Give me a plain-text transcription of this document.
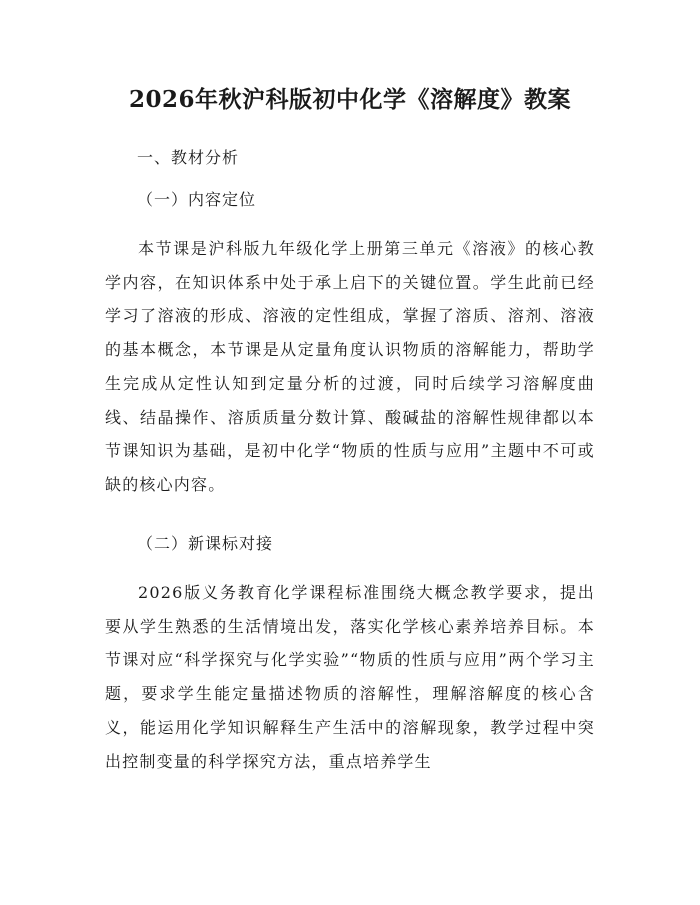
2026年秋沪科版初中化学《溶解度》教案
一、教材分析
（一）内容定位
本节课是沪科版九年级化学上册第三单元《溶液》的核心教学内容，在知识体系中处于承上启下的关键位置。学生此前已经学习了溶液的形成、溶液的定性组成，掌握了溶质、溶剂、溶液的基本概念，本节课是从定量角度认识物质的溶解能力，帮助学生完成从定性认知到定量分析的过渡，同时后续学习溶解度曲线、结晶操作、溶质质量分数计算、酸碱盐的溶解性规律都以本节课知识为基础，是初中化学“物质的性质与应用”主题中不可或缺的核心内容。
（二）新课标对接
2026版义务教育化学课程标准围绕大概念教学要求，提出要从学生熟悉的生活情境出发，落实化学核心素养培养目标。本节课对应“科学探究与化学实验”“物质的性质与应用”两个学习主题，要求学生能定量描述物质的溶解性，理解溶解度的核心含义，能运用化学知识解释生产生活中的溶解现象，教学过程中突出控制变量的科学探究方法，重点培养学生
